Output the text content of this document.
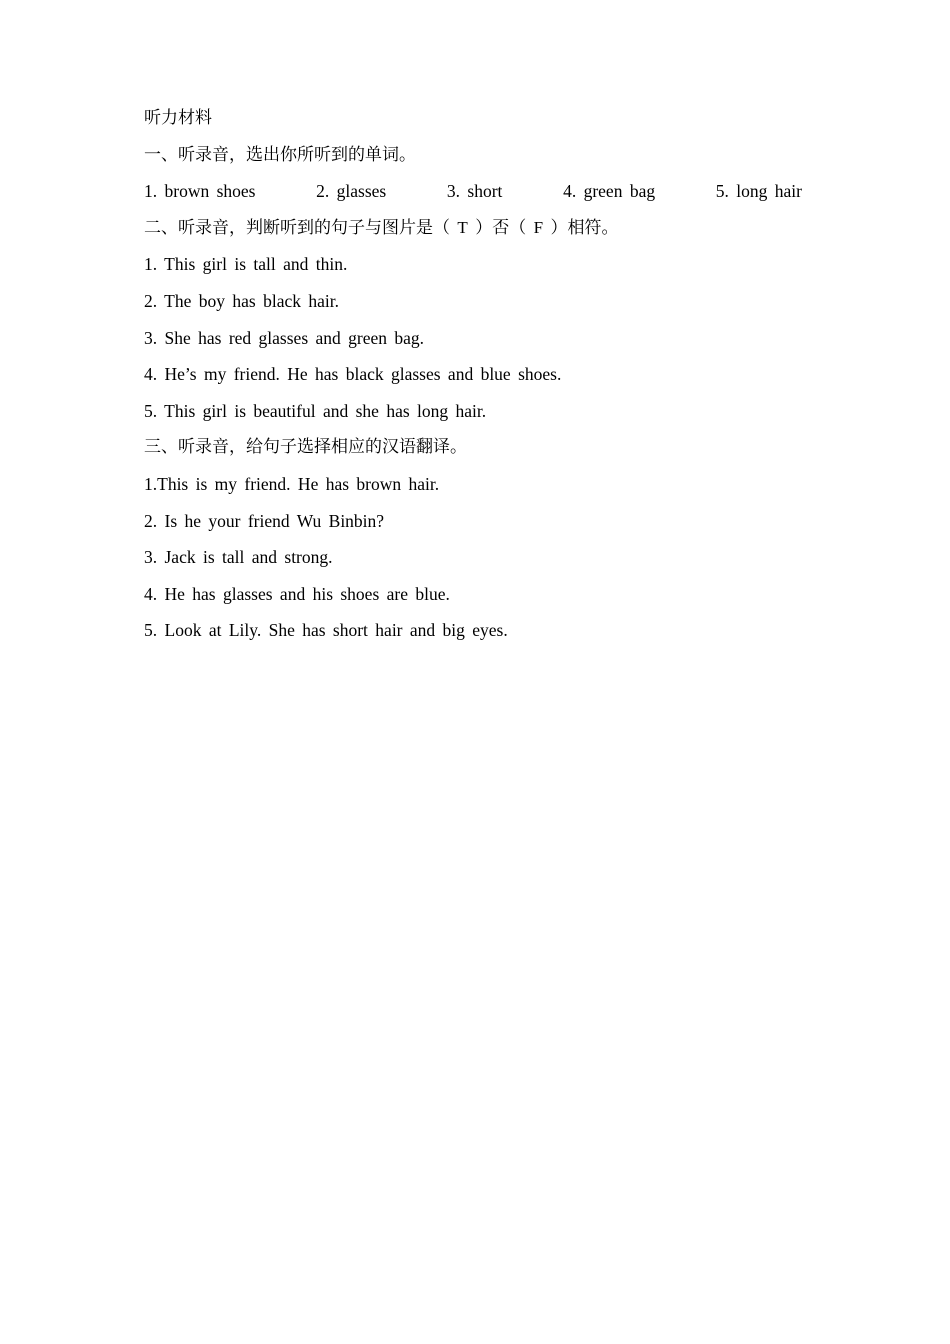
听力材料
一、听录音，选出你所听到的单词。
1. brown shoes	2. glasses	3. short	4. green bag	5. long hair
二、听录音，判断听到的句子与图片是（ T ）否（ F ）相符。
1. This girl is tall and thin.
2. The boy has black hair.
3. She has red glasses and green bag.
4. He’s my friend. He has black glasses and blue shoes.
5. This girl is beautiful and she has long hair.
三、听录音，给句子选择相应的汉语翻译。
1.This is my friend. He has brown hair.
2. Is he your friend Wu Binbin?
3. Jack is tall and strong.
4. He has glasses and his shoes are blue.
5. Look at Lily. She has short hair and big eyes.
